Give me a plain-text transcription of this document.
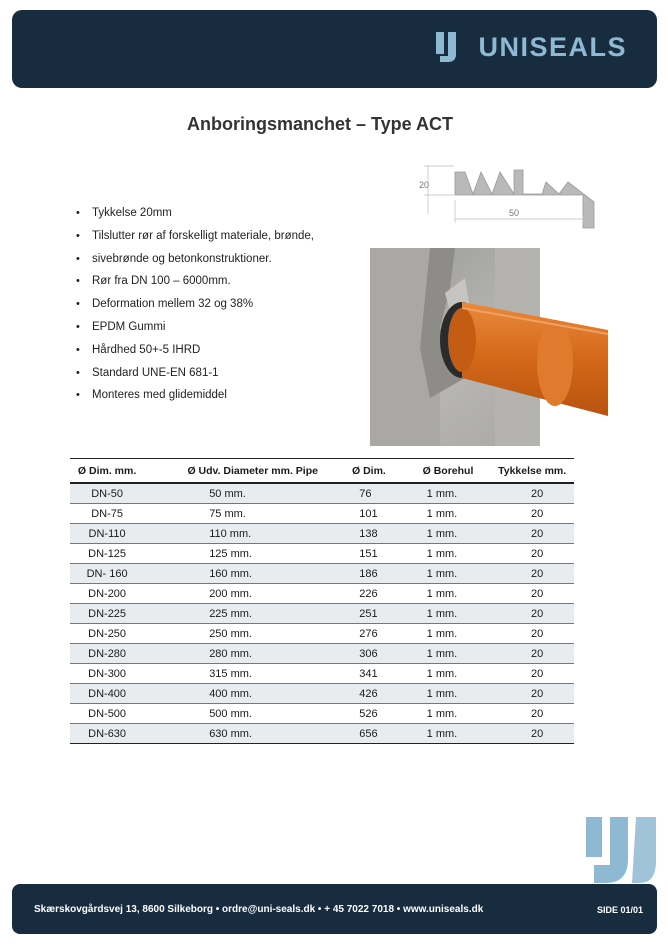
UNISEALS
Anboringsmanchet – Type ACT
20
50
• Tykkelse 20mm
• Tilslutter rør af forskelligt materiale, brønde,
• sivebrønde og betonkonstruktioner.
• Rør fra DN 100 – 6000mm.
• Deformation mellem 32 og 38%
• EPDM Gummi
• Hårdhed 50+-5 IHRD
• Standard UNE-EN 681-1
• Monteres med glidemiddel
Ø Dim. mm.	Ø Udv. Diameter mm. Pipe	Ø Dim.	Ø Borehul	Tykkelse mm.
DN-50	50 mm.	76	1 mm.	20
DN-75	75 mm.	101	1 mm.	20
DN-110	110 mm.	138	1 mm.	20
DN-125	125 mm.	151	1 mm.	20
DN- 160	160 mm.	186	1 mm.	20
DN-200	200 mm.	226	1 mm.	20
DN-225	225 mm.	251	1 mm.	20
DN-250	250 mm.	276	1 mm.	20
DN-280	280 mm.	306	1 mm.	20
DN-300	315 mm.	341	1 mm.	20
DN-400	400 mm.	426	1 mm.	20
DN-500	500 mm.	526	1 mm.	20
DN-630	630 mm.	656	1 mm.	20
Skærskovgårdsvej 13, 8600 Silkeborg • ordre@uni-seals.dk • + 45 7022 7018 • www.uniseals.dk	SIDE 01/01
